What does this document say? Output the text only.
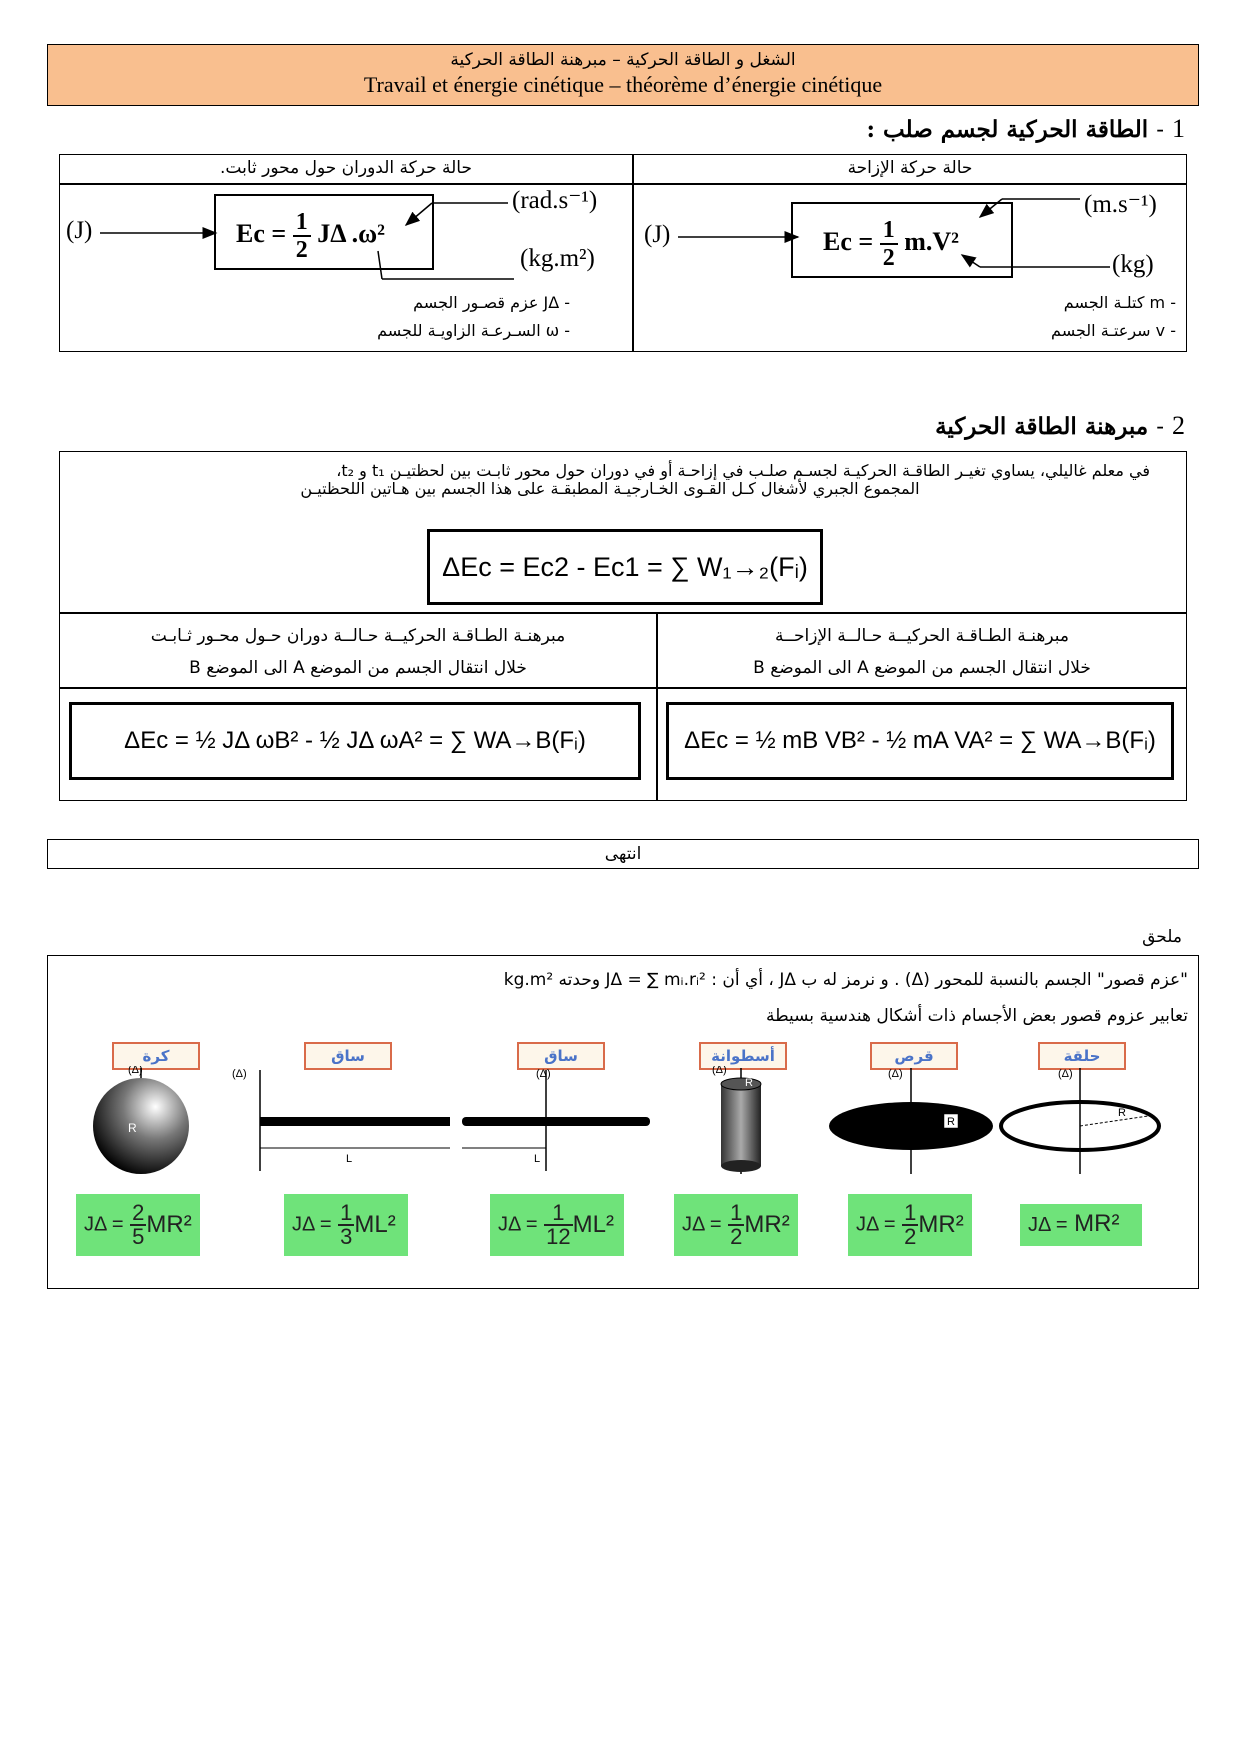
الشغل و الطاقة الحركية – مبرهنة الطاقة الحركية
Travail et énergie cinétique – théorème d’énergie cinétique
1 - الطاقة الحركية لجسم صلب :
حالة حركة الدوران حول محور ثابت.	حالة حركة الإزاحة
(J)	$Ec = \frac{1}{2}$ JΔ .ω²
(rad.s⁻¹)
(kg.m²)
- JΔ عزم قصـور الجسم
- ω السـرعـة الزاويـة للجسم
(J)	$Ec = \frac{1}{2} m.V^2$
(m.s⁻¹)
(kg)
- m كتلـة الجسم
- v سرعتـة الجسم
2 - مبرهنة الطاقة الحركية
في معلم غاليلي، يساوي تغيـر الطاقـة الحركيـة لجسـم صلـب في إزاحـة أو في دوران حول محور ثابـت بين لحظتيـن t₁ و t₂،
المجموع الجبري لأشغال كـل القـوى الخـارجيـة المطبقـة على هذا الجسم بين هـاتين اللحظتيـن
ΔEc = Ec2 - Ec1 = ∑ W₁→₂(Fᵢ)
مبرهنـة الطـاقـة الحركيــة حـالــة دوران حـول محـور ثـابـت
خلال انتقال الجسم من الموضع A الى الموضع B
مبرهنـة الطـاقـة الحركيــة حـالــة الإزاحــة
خلال انتقال الجسم من الموضع A الى الموضع B
ΔEc = ½ JΔ ωB² - ½ JΔ ωA² = ∑ WA→B(Fᵢ)	ΔEc = ½ mB VB² - ½ mA VA² = ∑ WA→B(Fᵢ)
انتهى
ملحق
"عزم قصور" الجسم بالنسبة للمحور (Δ) . و نرمز له ب JΔ ، أي أن : JΔ = ∑ mᵢ.rᵢ² وحدته kg.m²
تعابير عزوم قصور بعض الأجسام ذات أشكال هندسية بسيطة
كرة	ساق	ساق	أسطوانة	قرص	حلقة
R
L	L
R
R
R
(Δ)	(Δ)	(Δ)	(Δ)	(Δ)	(Δ)
$J\Delta = \frac{2}{5} MR^2$	$J\Delta = \frac{1}{3} ML^2$	$J\Delta = \frac{1}{12} ML^2$	$J\Delta = \frac{1}{2} MR^2$	$J\Delta = \frac{1}{2} MR^2$	JΔ = MR²
